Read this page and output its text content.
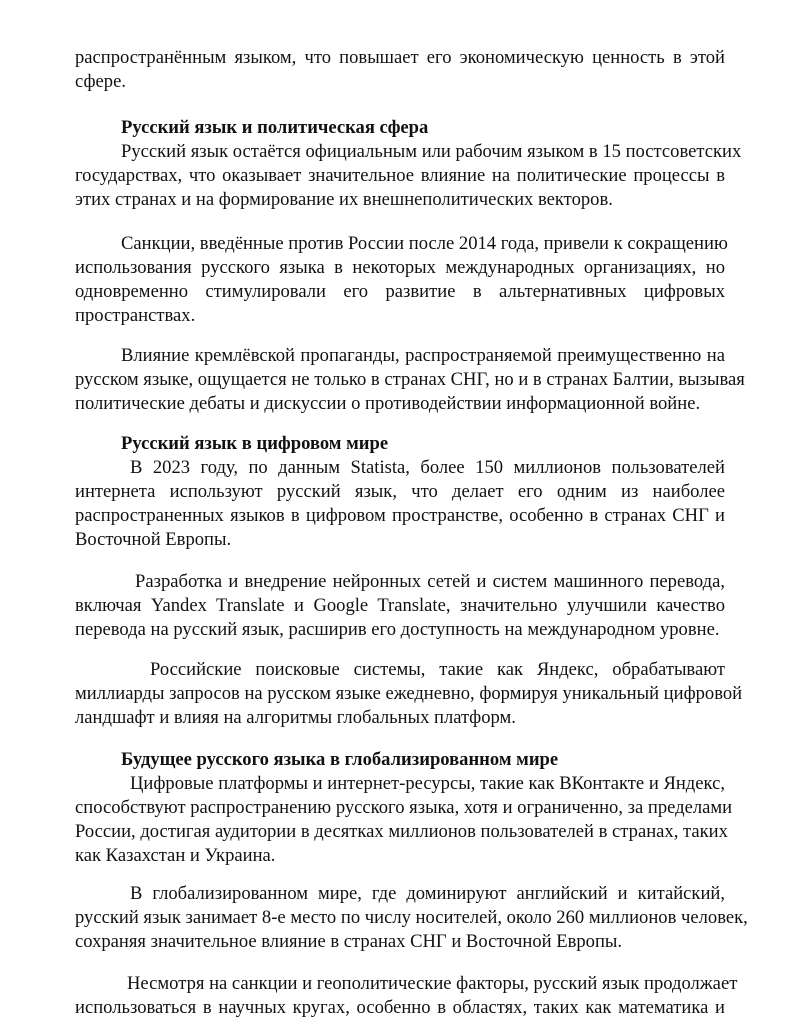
распространённым языком, что повышает его экономическую ценность в этой
сфере.
Русский язык и политическая сфера
Русский язык остаётся официальным или рабочим языком в 15 постсоветских
государствах, что оказывает значительное влияние на политические процессы в
этих странах и на формирование их внешнеполитических векторов.
Санкции, введённые против России после 2014 года, привели к сокращению
использования русского языка в некоторых международных организациях, но
одновременно стимулировали его развитие в альтернативных цифровых
пространствах.
Влияние кремлёвской пропаганды, распространяемой преимущественно на
русском языке, ощущается не только в странах СНГ, но и в странах Балтии, вызывая
политические дебаты и дискуссии о противодействии информационной войне.
Русский язык в цифровом мире
В 2023 году, по данным Statista, более 150 миллионов пользователей
интернета используют русский язык, что делает его одним из наиболее
распространенных языков в цифровом пространстве, особенно в странах СНГ и
Восточной Европы.
Разработка и внедрение нейронных сетей и систем машинного перевода,
включая Yandex Translate и Google Translate, значительно улучшили качество
перевода на русский язык, расширив его доступность на международном уровне.
Российские поисковые системы, такие как Яндекс, обрабатывают
миллиарды запросов на русском языке ежедневно, формируя уникальный цифровой
ландшафт и влияя на алгоритмы глобальных платформ.
Будущее русского языка в глобализированном мире
Цифровые платформы и интернет-ресурсы, такие как ВКонтакте и Яндекс,
способствуют распространению русского языка, хотя и ограниченно, за пределами
России, достигая аудитории в десятках миллионов пользователей в странах, таких
как Казахстан и Украина.
В глобализированном мире, где доминируют английский и китайский,
русский язык занимает 8-е место по числу носителей, около 260 миллионов человек,
сохраняя значительное влияние в странах СНГ и Восточной Европы.
Несмотря на санкции и геополитические факторы, русский язык продолжает
использоваться в научных кругах, особенно в областях, таких как математика и
